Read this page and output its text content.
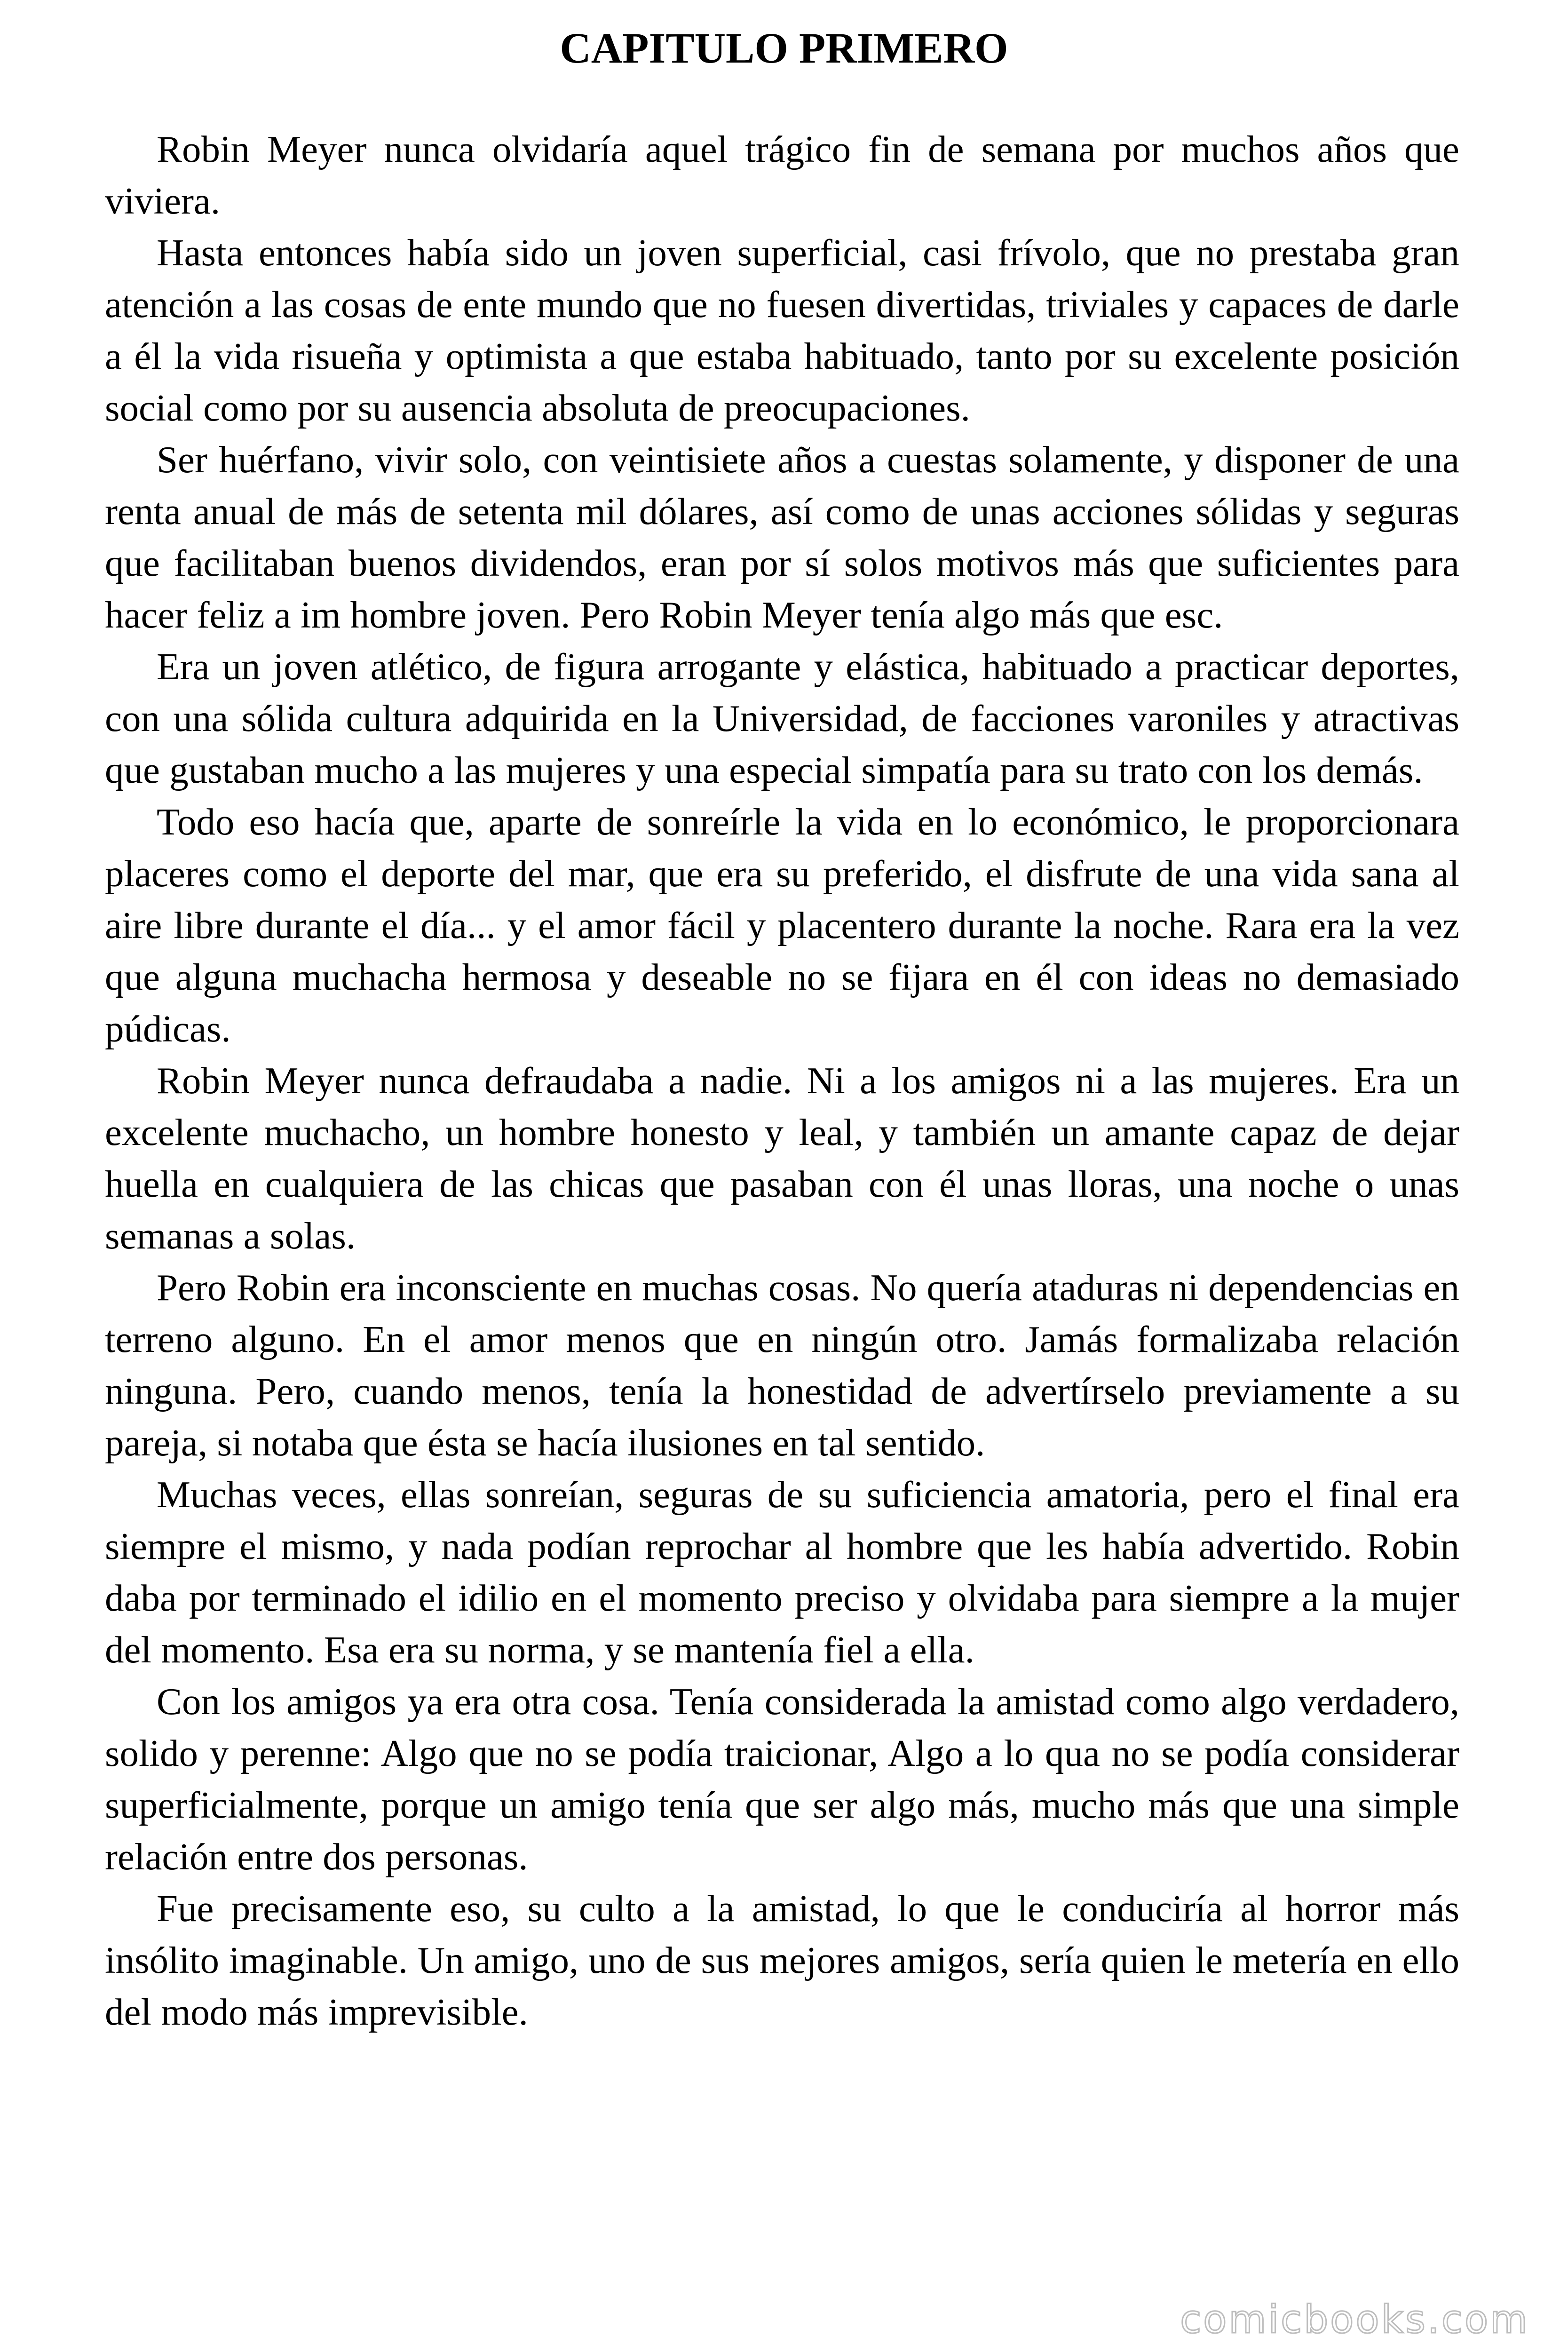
CAPITULO PRIMERO

Robin Meyer nunca olvidaría aquel trágico fin de semana por muchos años que viviera.

Hasta entonces había sido un joven superficial, casi frívolo, que no prestaba gran atención a las cosas de ente mundo que no fuesen divertidas, triviales y capaces de darle a él la vida risueña y optimista a que estaba habituado, tanto por su excelente posición social como por su ausencia absoluta de preocupaciones.

Ser huérfano, vivir solo, con veintisiete años a cuestas solamente, y disponer de una renta anual de más de setenta mil dólares, así como de unas acciones sólidas y seguras que facilitaban buenos dividendos, eran por sí solos motivos más que suficientes para hacer feliz a im hombre joven. Pero Robin Meyer tenía algo más que esc.

Era un joven atlético, de figura arrogante y elástica, habituado a practicar deportes, con una sólida cultura adquirida en la Universidad, de facciones varoniles y atractivas que gustaban mucho a las mujeres y una especial simpatía para su trato con los demás.

Todo eso hacía que, aparte de sonreírle la vida en lo económico, le proporcionara placeres como el deporte del mar, que era su preferido, el disfrute de una vida sana al aire libre durante el día... y el amor fácil y placentero durante la noche. Rara era la vez que alguna muchacha hermosa y deseable no se fijara en él con ideas no demasiado púdicas.

Robin Meyer nunca defraudaba a nadie. Ni a los amigos ni a las mujeres. Era un excelente muchacho, un hombre honesto y leal, y también un amante capaz de dejar huella en cualquiera de las chicas que pasaban con él unas lloras, una noche o unas semanas a solas.

Pero Robin era inconsciente en muchas cosas. No quería ataduras ni dependencias en terreno alguno. En el amor menos que en ningún otro. Jamás formalizaba relación ninguna. Pero, cuando menos, tenía la honestidad de advertírselo previamente a su pareja, si notaba que ésta se hacía ilusiones en tal sentido.

Muchas veces, ellas sonreían, seguras de su suficiencia amatoria, pero el final era siempre el mismo, y nada podían reprochar al hombre que les había advertido. Robin daba por terminado el idilio en el momento preciso y olvidaba para siempre a la mujer del momento. Esa era su norma, y se mantenía fiel a ella.

Con los amigos ya era otra cosa. Tenía considerada la amistad como algo verdadero, solido y perenne: Algo que no se podía traicionar, Algo a lo qua no se podía considerar superficialmente, porque un amigo tenía que ser algo más, mucho más que una simple relación entre dos personas.

Fue precisamente eso, su culto a la amistad, lo que le conduciría al horror más insólito imaginable. Un amigo, uno de sus mejores amigos, sería quien le metería en ello del modo más imprevisible.

comicbooks.com
